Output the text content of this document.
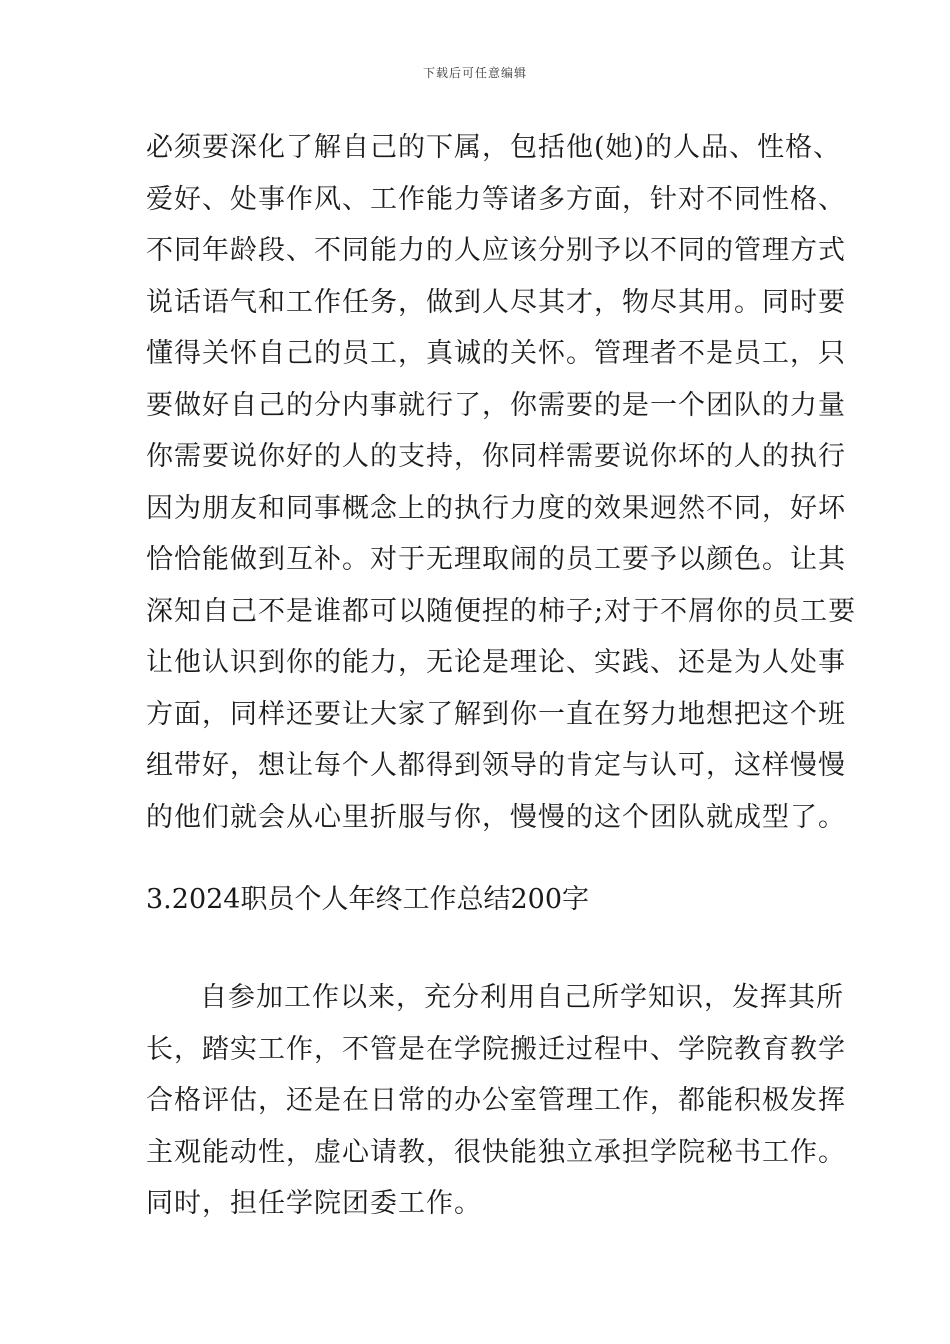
下载后可任意编辑
必须要深化了解自己的下属，包括他(她)的人品、性格、
爱好、处事作风、工作能力等诸多方面，针对不同性格、
不同年龄段、不同能力的人应该分别予以不同的管理方式
说话语气和工作任务，做到人尽其才，物尽其用。同时要
懂得关怀自己的员工，真诚的关怀。管理者不是员工，只
要做好自己的分内事就行了，你需要的是一个团队的力量
你需要说你好的人的支持，你同样需要说你坏的人的执行
因为朋友和同事概念上的执行力度的效果迥然不同，好坏
恰恰能做到互补。对于无理取闹的员工要予以颜色。让其
深知自己不是谁都可以随便捏的柿子;对于不屑你的员工要
让他认识到你的能力，无论是理论、实践、还是为人处事
方面，同样还要让大家了解到你一直在努力地想把这个班
组带好，想让每个人都得到领导的肯定与认可，这样慢慢
的他们就会从心里折服与你，慢慢的这个团队就成型了。
3.2024职员个人年终工作总结200字
自参加工作以来，充分利用自己所学知识，发挥其所
长，踏实工作，不管是在学院搬迁过程中、学院教育教学
合格评估，还是在日常的办公室管理工作，都能积极发挥
主观能动性，虚心请教，很快能独立承担学院秘书工作。
同时，担任学院团委工作。
